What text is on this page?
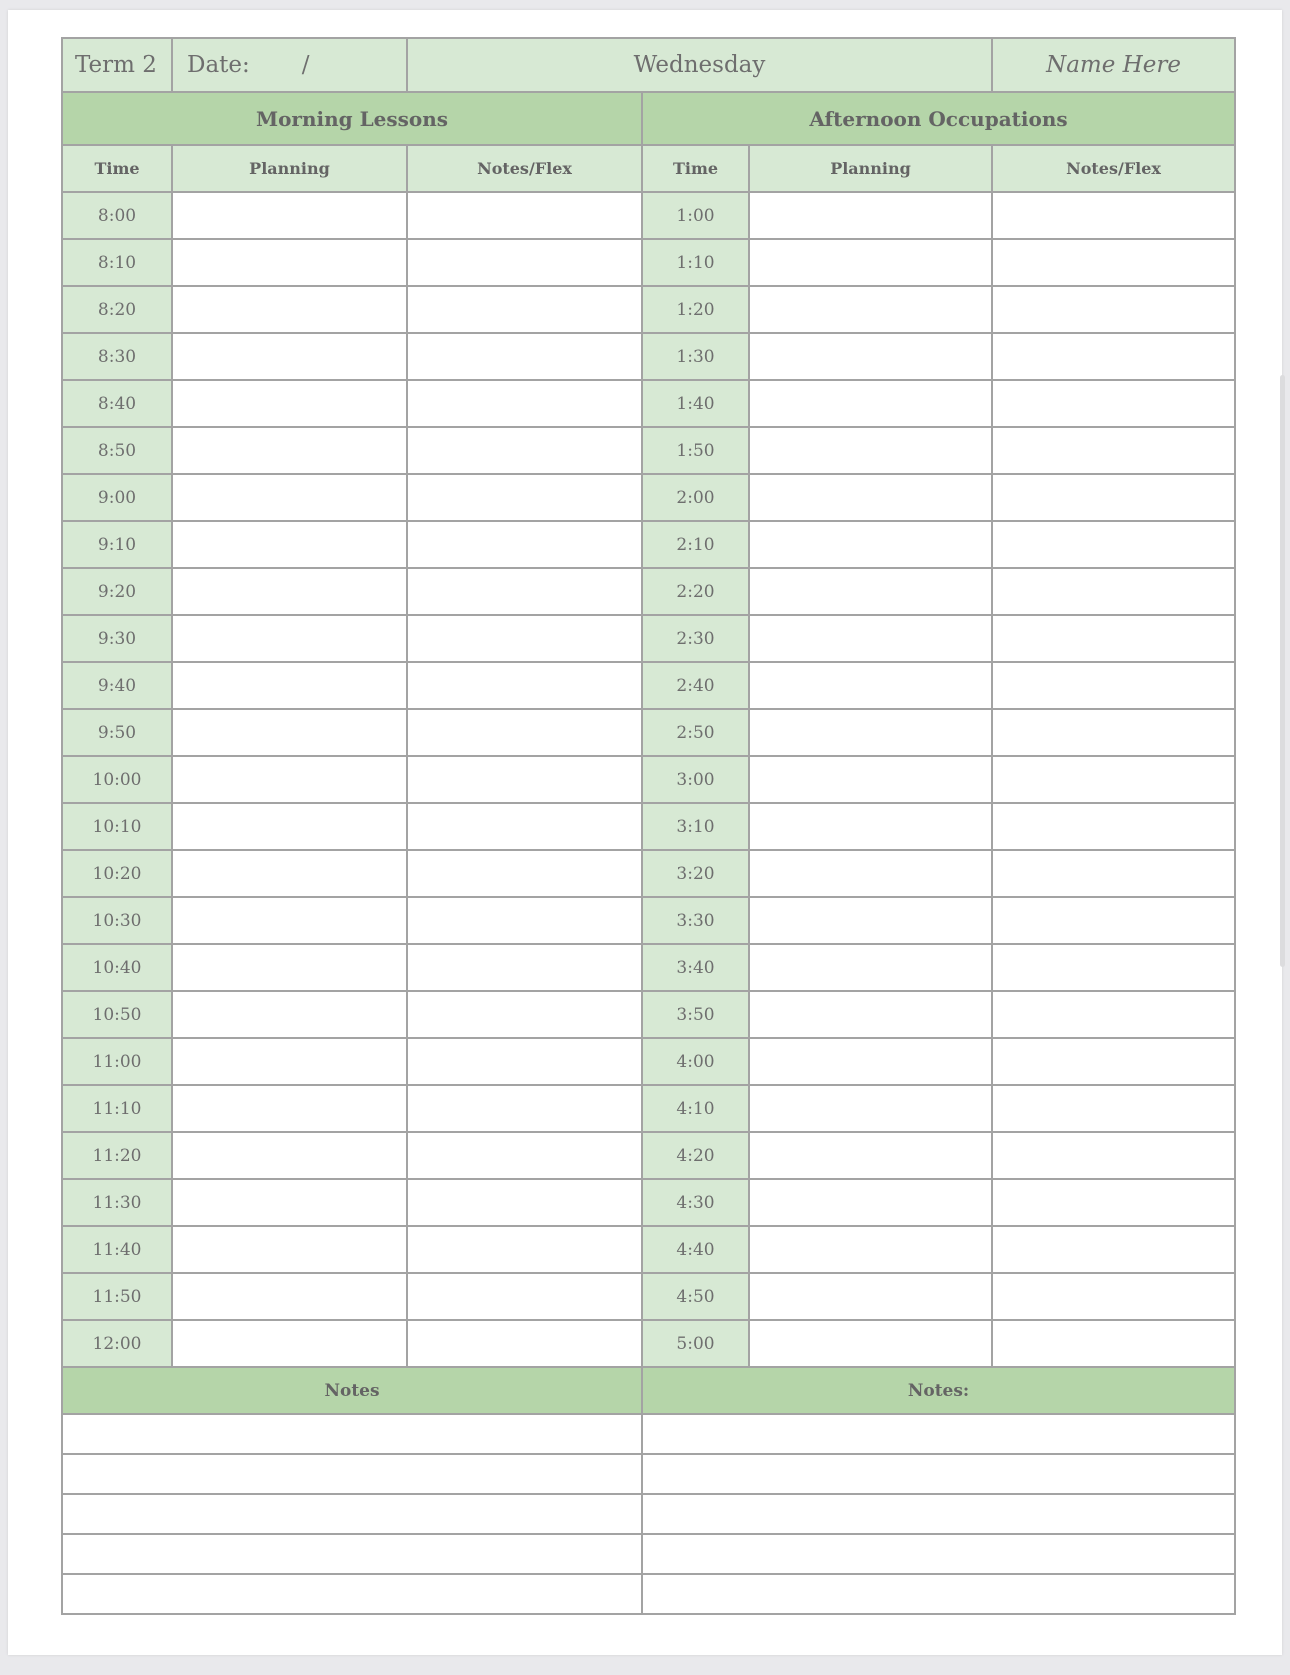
Term 2	Date: /	Wednesday			Name Here
Morning Lessons			Afternoon Occupations		
Time	Planning	Notes/Flex	Time	Planning	Notes/Flex
8:00			1:00		
8:10			1:10		
8:20			1:20		
8:30			1:30		
8:40			1:40		
8:50			1:50		
9:00			2:00		
9:10			2:10		
9:20			2:20		
9:30			2:30		
9:40			2:40		
9:50			2:50		
10:00			3:00		
10:10			3:10		
10:20			3:20		
10:30			3:30		
10:40			3:40		
10:50			3:50		
11:00			4:00		
11:10			4:10		
11:20			4:20		
11:30			4:30		
11:40			4:40		
11:50			4:50		
12:00			5:00		
Notes			Notes:		
